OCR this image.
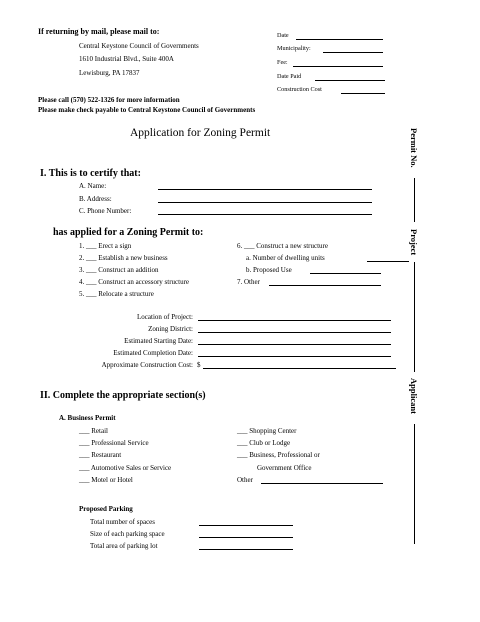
If returning by mail, please mail to:
Central Keystone Council of Governments
1610 Industrial Blvd., Suite 400A
Lewisburg, PA 17837
Date
Municipality:
Fee:
Date Paid
Construction Cost
Please call (570) 522-1326 for more information
Please make check payable to Central Keystone Council of Governments
Application for Zoning Permit	Permit No.
Project
Applicant
I. This is to certify that:
A. Name:
B. Address:
C. Phone Number:
has applied for a Zoning Permit to:
1. ___ Erect a sign
2. ___ Establish a new business
3. ___ Construct an addition
4. ___ Construct an accessory structure
5. ___ Relocate a structure
6. ___ Construct a new structure
a. Number of dwelling units
b. Proposed Use
7. Other
Location of Project:
Zoning District:
Estimated Starting Date:
Estimated Completion Date:
Approximate Construction Cost: $
II. Complete the appropriate section(s)
A. Business Permit
___ Retail
___ Professional Service
___ Restaurant
___ Automotive Sales or Service
___ Motel or Hotel
___ Shopping Center
___ Club or Lodge
___ Business, Professional or
Government Office
Other
Proposed Parking
Total number of spaces
Size of each parking space
Total area of parking lot
